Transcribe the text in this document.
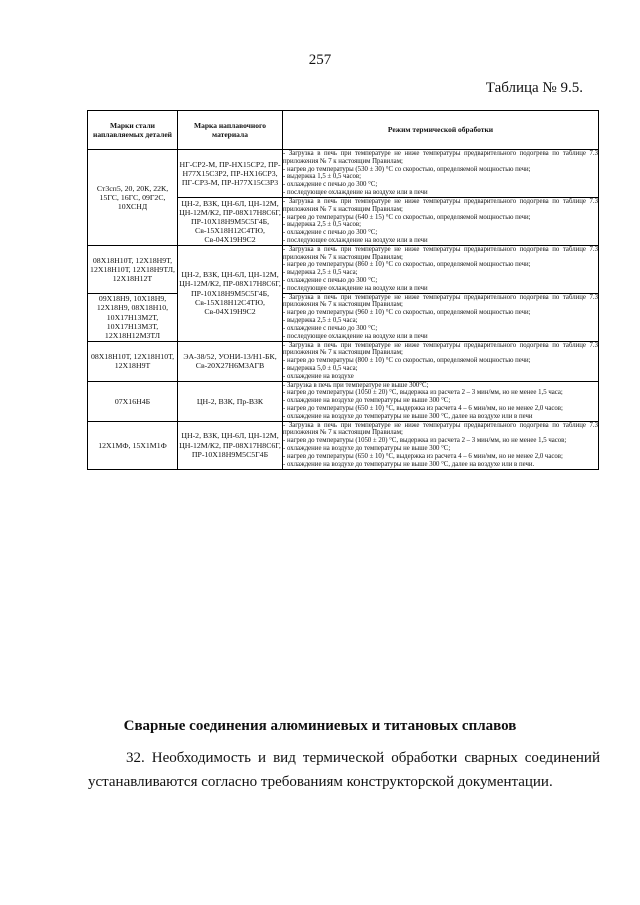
257
Таблица № 9.5.
Марки стали наплавляемых деталей	Марка наплавочного материала	Режим термической обработки
Ст3сп5, 20, 20К, 22К, 15ГС, 16ГС, 09Г2С, 10ХСНД	НГ-СР2-М, ПР-НХ15СР2, ПР-Н77Х15С3Р2, ПР-НХ16СР3, ПГ-СР3-М, ПР-Н77Х15С3Р3	- Загрузка в печь при температуре не ниже температуры предварительного подогрева по таблице 7.3 приложения № 7 к настоящим Правилам;
- нагрев до температуры (530 ± 30) °С со скоростью, определяемой мощностью печи;
- выдержка 1,5 ± 0,5 часов;
- охлаждение с печью до 300 °С;
- последующее охлаждение на воздухе или в печи

	ЦН-2, ВЗК, ЦН-6Л, ЦН-12М, ЦН-12М/К2, ПР-08Х17Н8С6Г, ПР-10Х18Н9М5С5Г4Б, Св-15Х18Н12С4ТЮ, Св-04Х19Н9С2	- Загрузка в печь при температуре не ниже температуры предварительного подогрева по таблице 7.3 приложения № 7 к настоящим Правилам;
- нагрев до температуры (640 ± 15) °С со скоростью, определяемой мощностью печи;
- выдержка 2,5 ± 0,5 часов;
- охлаждение с печью до 300 °С;
- последующее охлаждение на воздухе или в печи

08Х18Н10Т, 12Х18Н9Т, 12Х18Н10Т, 12Х18Н9ТЛ, 12Х18Н12Т	ЦН-2, ВЗК, ЦН-6Л, ЦН-12М, ЦН-12М/К2, ПР-08Х17Н8С6Г, ПР-10Х18Н9М5С5Г4Б, Св-15Х18Н12С4ТЮ, Св-04Х19Н9С2	- Загрузка в печь при температуре не ниже температуры предварительного подогрева по таблице 7.3 приложения № 7 к настоящим Правилам;
- нагрев до температуры (860 ± 10) °С со скоростью, определяемой мощностью печи;
- выдержка 2,5 ± 0,5 часа;
- охлаждение с печью до 300 °С;
- последующее охлаждение на воздухе или в печи

09Х18Н9, 10Х18Н9, 12Х18Н9, 08Х18Н10, 10Х17Н13М2Т, 10Х17Н13М3Т, 12Х18Н12М3ТЛ		- Загрузка в печь при температуре не ниже температуры предварительного подогрева по таблице 7.3 приложения № 7 к настоящим Правилам;
- нагрев до температуры (960 ± 10) °С со скоростью, определяемой мощностью печи;
- выдержка 2,5 ± 0,5 часа;
- охлаждение с печью до 300 °С;
- последующее охлаждение на воздухе или в печи

08Х18Н10Т, 12Х18Н10Т, 12Х18Н9Т	ЭА-38/52, УОНИ-13/Н1-БК, Св-20Х27Н6М3АГВ	- Загрузка в печь при температуре не ниже температуры предварительного подогрева по таблице 7.3 приложения № 7 к настоящим Правилам;
- нагрев до температуры (800 ± 10) °С со скоростью, определяемой мощностью печи;
- выдержка 5,0 ± 0,5 часа;
- охлаждение на воздухе

07Х16Н4Б	ЦН-2, ВЗК, Пр-ВЗК	- Загрузка в печь при температуре не выше 300°С;
- нагрев до температуры (1050 ± 20) °С, выдержка из расчета 2 – 3 мин/мм, но не менее 1,5 часа;
- охлаждение на воздухе до температуры не выше 300 °С;
- нагрев до температуры (650 ± 10) °С, выдержка из расчета 4 – 6 мин/мм, но не менее 2,0 часов;
- охлаждение на воздухе до температуры не выше 300 °С, далее на воздухе или в печи

12Х1МФ, 15Х1М1Ф	ЦН-2, ВЗК, ЦН-6Л, ЦН-12М, ЦН-12М/К2, ПР-08Х17Н8С6Г, ПР-10Х18Н9М5С5Г4Б	- Загрузка в печь при температуре не ниже температуры предварительного подогрева по таблице 7.3 приложения № 7 к настоящим Правилам;
- нагрев до температуры (1050 ± 20) °С, выдержка из расчета 2 – 3 мин/мм, но не менее 1,5 часов;
- охлаждение на воздухе до температуры не выше 300 °С;
- нагрев до температуры (650 ± 10) °С, выдержка из расчета 4 – 6 мин/мм, но не менее 2,0 часов;
- охлаждение на воздухе до температуры не выше 300 °С, далее на воздухе или в печи.
Сварные соединения алюминиевых и титановых сплавов
32. Необходимость и вид термической обработки сварных соединений
устанавливаются согласно требованиям конструкторской документации.
